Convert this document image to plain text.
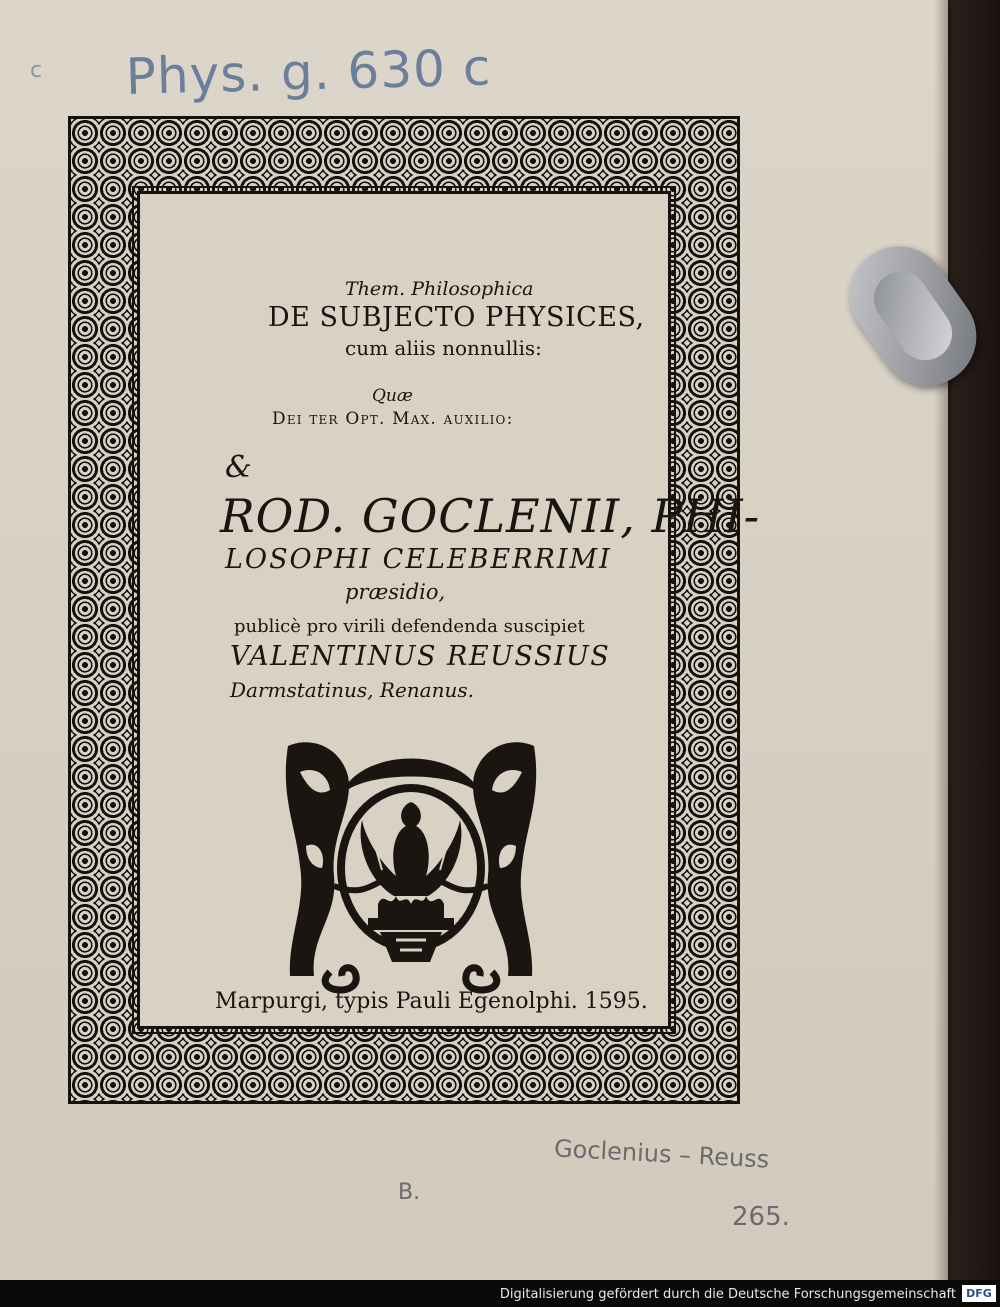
c Phys. g. 630 c
Them. Philosophica
DE SUBJECTO PHYSICES,
cum aliis nonnullis:
Quæ
Dei ter Opt. Max. auxilio:
&
ROD. GOCLENII, PHI-
LOSOPHI CELEBERRIMI
præsidio,
publicè pro virili defendenda suscipiet
VALENTINUS REUSSIUS
Darmstatinus, Renanus.
Marpurgi, typis Pauli Egenolphi. 1595.
Goclenius – Reuss
B.
265.
Digitalisierung gefördert durch die Deutsche Forschungsgemeinschaft DFG
